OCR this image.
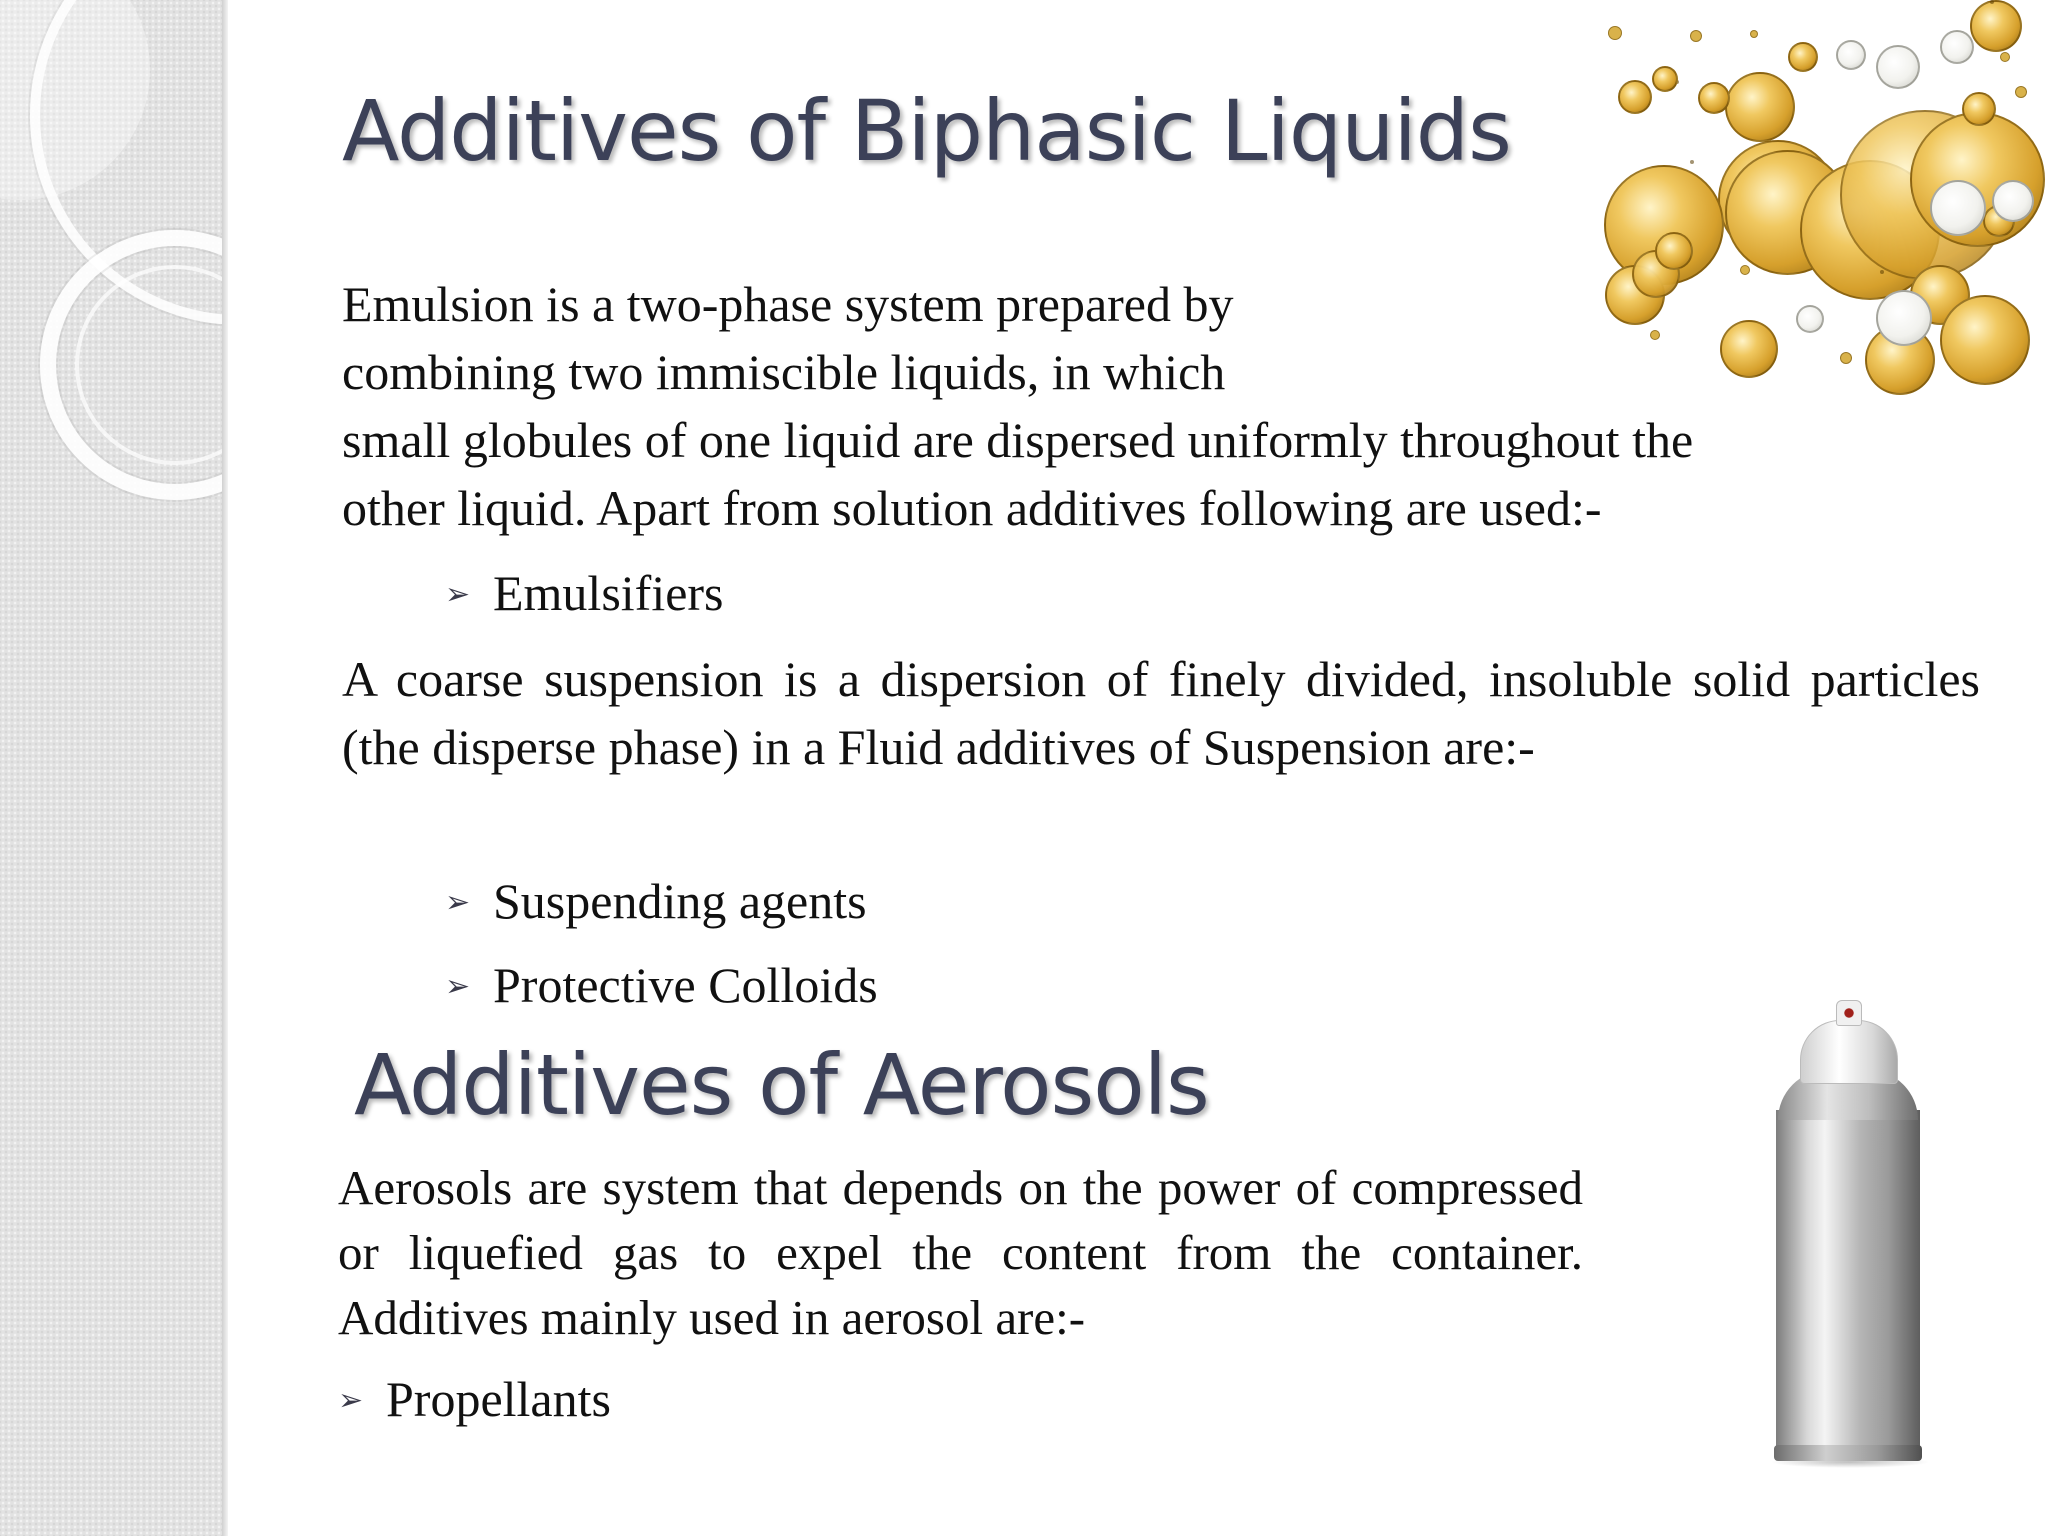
Additives of Biphasic Liquids

Emulsion is a two-phase system prepared by
combining two immiscible liquids, in which
small globules of one liquid are dispersed uniformly throughout the
other liquid. Apart from solution additives following are used:-

➢ Emulsifiers

A coarse suspension is a dispersion of finely divided, insoluble solid particles (the disperse phase) in a Fluid additives of Suspension are:-

➢ Suspending agents
➢ Protective Colloids
Additives of Aerosols

Aerosols are system that depends on the power of compressed or liquefied gas to expel the content from the container. Additives mainly used in aerosol are:-

➢ Propellants
